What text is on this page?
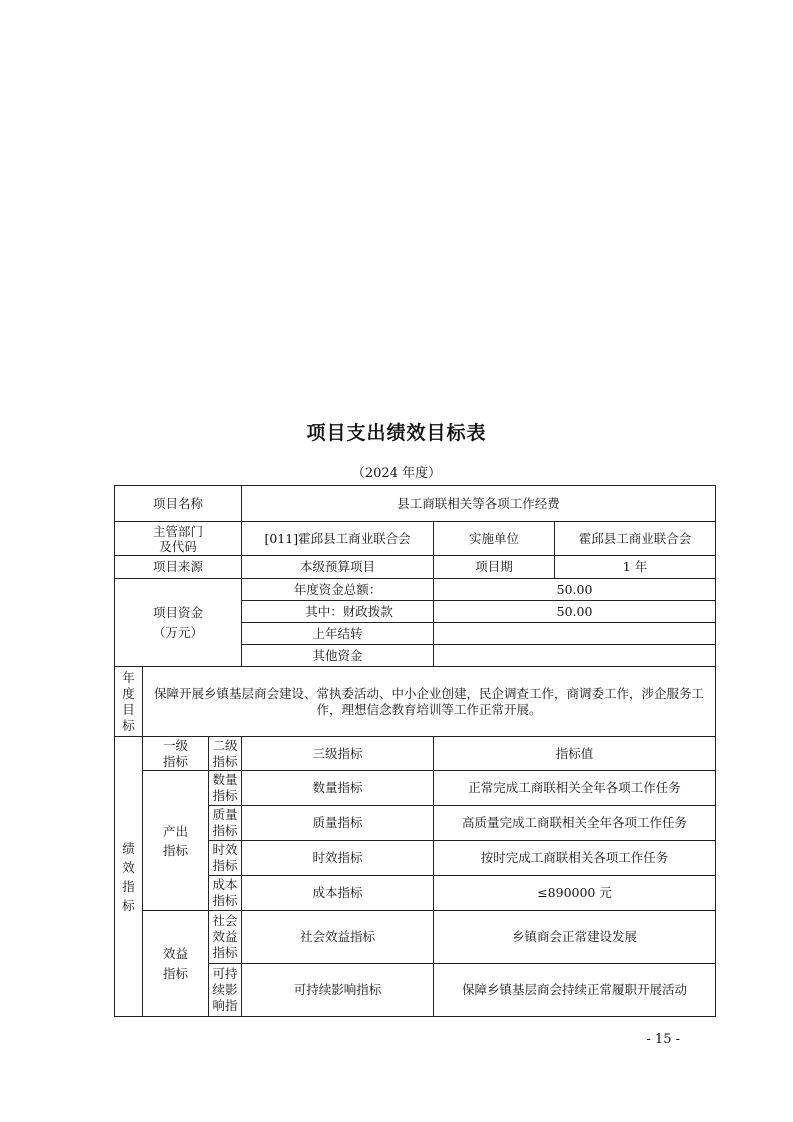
项目支出绩效目标表
（2024 年度）
项目名称			县工商联相关等各项工作经费		

主管部门及代码			[011]霍邱县工商业联合会	实施单位	霍邱县工商业联合会
项目来源			本级预算项目	项目期	1 年

项目资金（万元）			年度资金总额：	50.00	
			其中：财政拨款	50.00	
			上年结转		
			其他资金		
年度目标	保障开展乡镇基层商会建设、常执委活动、中小企业创建，民企调查工作，商调委工作，涉企服务工作，理想信念教育培训等工作正常开展。				

绩效指标	一级指标	二级指标	三级指标	指标值	

	产出指标	数量指标	数量指标	正常完成工商联相关全年各项工作任务	
		质量指标	质量指标	高质量完成工商联相关全年各项工作任务	
		时效指标	时效指标	按时完成工商联相关各项工作任务	
		成本指标	成本指标	≤890000 元	

	效益指标	社会效益指标	社会效益指标	乡镇商会正常建设发展	

		可持续影响指	可持续影响指标	保障乡镇基层商会持续正常履职开展活动	
- 15 -
